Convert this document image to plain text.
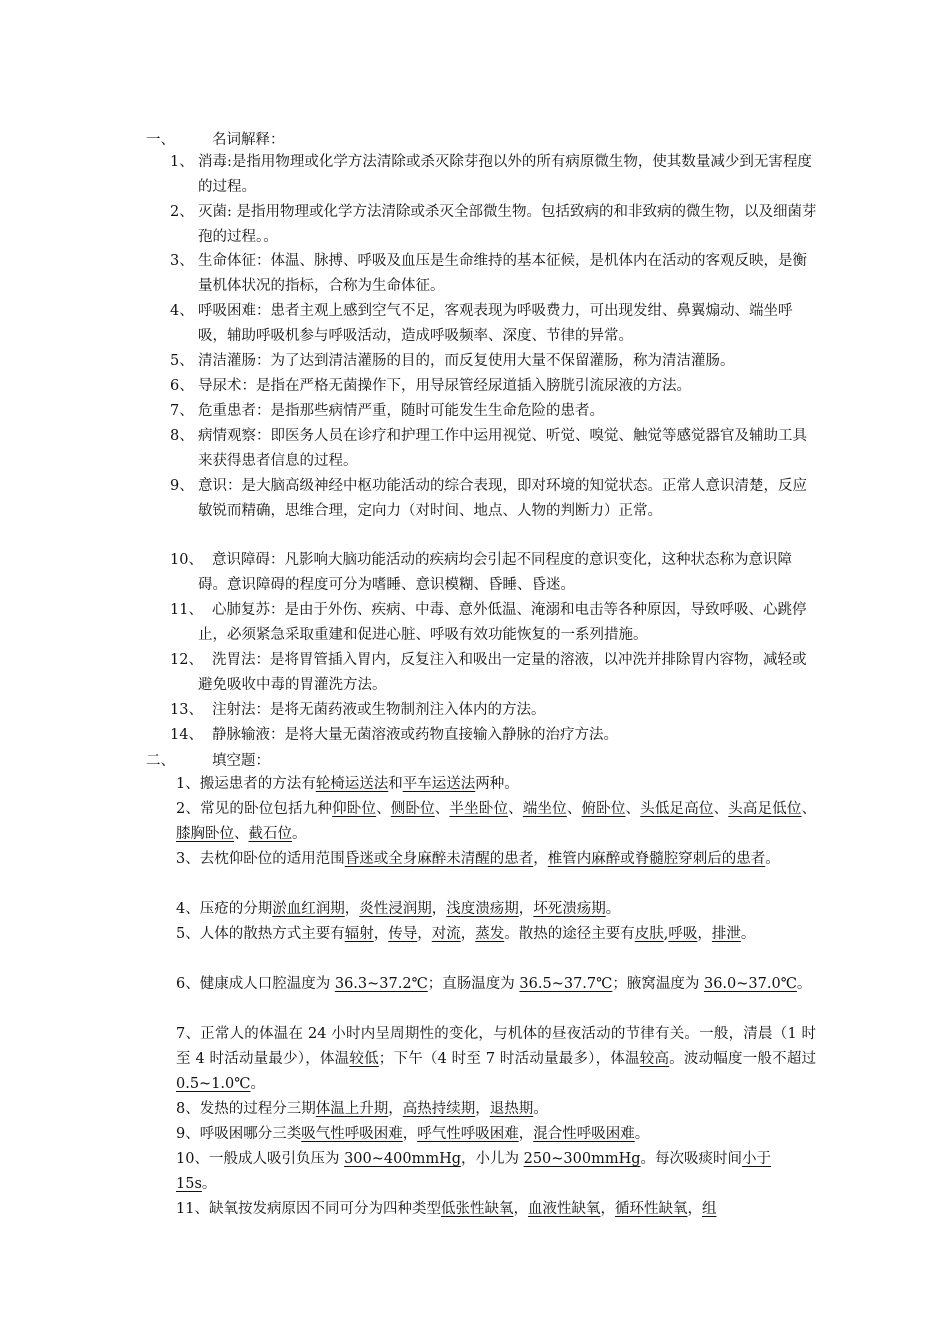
一、	名词解释：
1、 消毒:是指用物理或化学方法清除或杀灭除芽孢以外的所有病原微生物，使其数量减少到无害程度的过程。
2、 灭菌: 是指用物理或化学方法清除或杀灭全部微生物。包括致病的和非致病的微生物，以及细菌芽孢的过程。。
3、 生命体征：体温、脉搏、呼吸及血压是生命维持的基本征候，是机体内在活动的客观反映，是衡量机体状况的指标，合称为生命体征。
4、 呼吸困难：患者主观上感到空气不足，客观表现为呼吸费力，可出现发绀、鼻翼煽动、端坐呼吸，辅助呼吸机参与呼吸活动，造成呼吸频率、深度、节律的异常。
5、 清洁灌肠：为了达到清洁灌肠的目的，而反复使用大量不保留灌肠，称为清洁灌肠。
6、 导尿术：是指在严格无菌操作下，用导尿管经尿道插入膀胱引流尿液的方法。
7、 危重患者：是指那些病情严重，随时可能发生生命危险的患者。
8、 病情观察：即医务人员在诊疗和护理工作中运用视觉、听觉、嗅觉、触觉等感觉器官及辅助工具来获得患者信息的过程。
9、 意识：是大脑高级神经中枢功能活动的综合表现，即对环境的知觉状态。正常人意识清楚，反应敏锐而精确，思维合理，定向力（对时间、地点、人物的判断力）正常。
10、 意识障碍：凡影响大脑功能活动的疾病均会引起不同程度的意识变化，这种状态称为意识障碍。意识障碍的程度可分为嗜睡、意识模糊、昏睡、昏迷。
11、 心肺复苏：是由于外伤、疾病、中毒、意外低温、淹溺和电击等各种原因，导致呼吸、心跳停止，必须紧急采取重建和促进心脏、呼吸有效功能恢复的一系列措施。
12、 洗胃法：是将胃管插入胃内，反复注入和吸出一定量的溶液，以冲洗并排除胃内容物，减轻或避免吸收中毒的胃灌洗方法。
13、 注射法：是将无菌药液或生物制剂注入体内的方法。
14、 静脉输液：是将大量无菌溶液或药物直接输入静脉的治疗方法。
二、	填空题：
1、搬运患者的方法有轮椅运送法和平车运送法两种。
2、常见的卧位包括九种仰卧位、侧卧位、半坐卧位、端坐位、俯卧位、头低足高位、头高足低位、膝胸卧位、截石位。
3、去枕仰卧位的适用范围昏迷或全身麻醉未清醒的患者，椎管内麻醉或脊髓腔穿刺后的患者。
4、压疮的分期淤血红润期，炎性浸润期，浅度溃疡期，坏死溃疡期。
5、人体的散热方式主要有辐射，传导，对流，蒸发。散热的途径主要有皮肤,呼吸，排泄。
6、健康成人口腔温度为 36.3~37.2℃；直肠温度为 36.5~37.7℃；腋窝温度为 36.0~37.0℃。
7、正常人的体温在 24 小时内呈周期性的变化，与机体的昼夜活动的节律有关。一般，清晨（1 时至 4 时活动量最少），体温较低；下午（4 时至 7 时活动量最多），体温较高。波动幅度一般不超过 0.5~1.0℃。
8、发热的过程分三期体温上升期，高热持续期，退热期。
9、呼吸困哪分三类吸气性呼吸困难，呼气性呼吸困难，混合性呼吸困难。
10、一般成人吸引负压为 300~400mmHg，小儿为 250~300mmHg。每次吸痰时间小于 15s。
11、缺氧按发病原因不同可分为四种类型低张性缺氧，血液性缺氧，循环性缺氧，组
